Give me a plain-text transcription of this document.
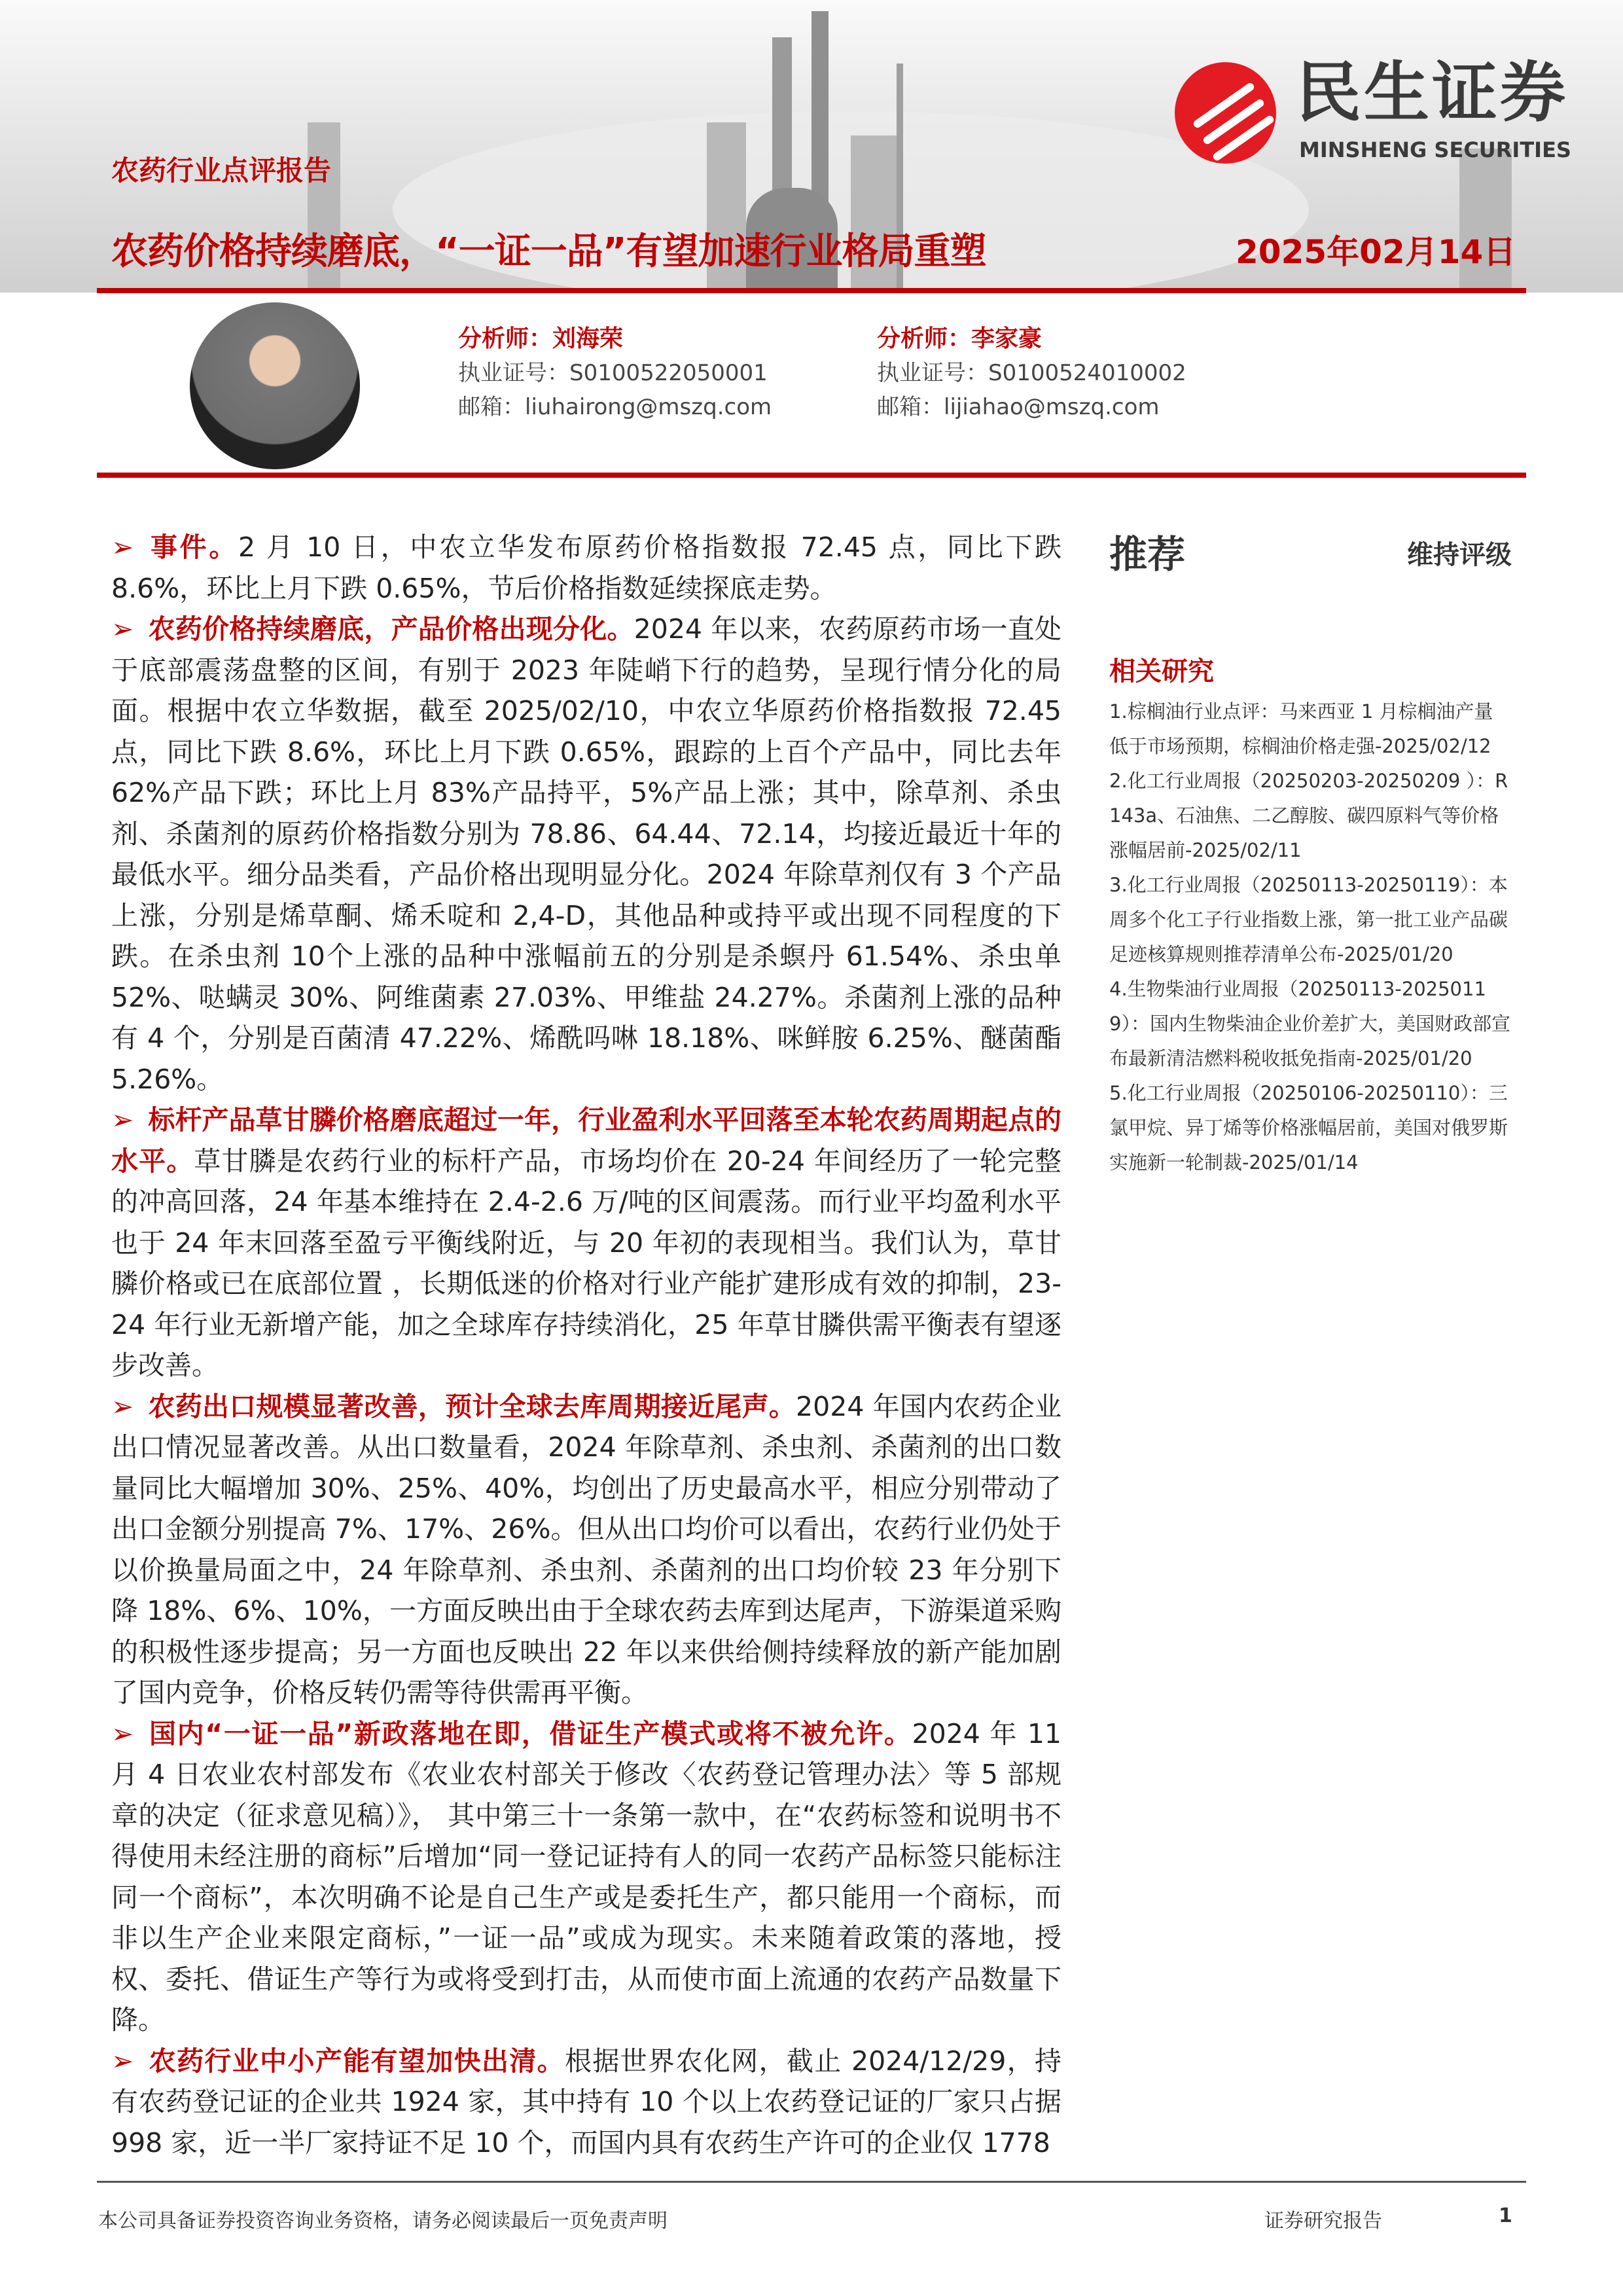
农药行业点评报告
农药价格持续磨底，“一证一品”有望加速行业格局重塑	2025年02月14日
民生证券
MINSHENG SECURITIES
分析师：刘海荣
执业证号：S0100522050001
邮箱：liuhairong@mszq.com
分析师：李家豪
执业证号：S0100524010002
邮箱：lijiahao@mszq.com

➢ 事件。2 月 10 日，中农立华发布原药价格指数报 72.45 点，同比下跌 8.6%，环比上月下跌 0.65%，节后价格指数延续探底走势。

➢ 农药价格持续磨底，产品价格出现分化。2024 年以来，农药原药市场一直处于底部震荡盘整的区间，有别于 2023 年陡峭下行的趋势，呈现行情分化的局面。根据中农立华数据，截至 2025/02/10，中农立华原药价格指数报 72.45 点，同比下跌 8.6%，环比上月下跌 0.65%，跟踪的上百个产品中，同比去年 62%产品下跌；环比上月 83%产品持平，5%产品上涨；其中，除草剂、杀虫剂、杀菌剂的原药价格指数分别为 78.86、64.44、72.14，均接近最近十年的最低水平。细分品类看，产品价格出现明显分化。2024 年除草剂仅有 3 个产品上涨，分别是烯草酮、烯禾啶和 2,4-D，其他品种或持平或出现不同程度的下跌。在杀虫剂 10个上涨的品种中涨幅前五的分别是杀螟丹 61.54%、杀虫单 52%、哒螨灵 30%、阿维菌素 27.03%、甲维盐 24.27%。杀菌剂上涨的品种有 4 个，分别是百菌清 47.22%、烯酰吗啉 18.18%、咪鲜胺 6.25%、醚菌酯 5.26%。

➢ 标杆产品草甘膦价格磨底超过一年，行业盈利水平回落至本轮农药周期起点的水平。草甘膦是农药行业的标杆产品，市场均价在 20-24 年间经历了一轮完整的冲高回落，24 年基本维持在 2.4-2.6 万/吨的区间震荡。而行业平均盈利水平也于 24 年末回落至盈亏平衡线附近，与 20 年初的表现相当。我们认为，草甘膦价格或已在底部位置 ，长期低迷的价格对行业产能扩建形成有效的抑制，23-24 年行业无新增产能，加之全球库存持续消化，25 年草甘膦供需平衡表有望逐步改善。

➢ 农药出口规模显著改善，预计全球去库周期接近尾声。2024 年国内农药企业出口情况显著改善。从出口数量看，2024 年除草剂、杀虫剂、杀菌剂的出口数量同比大幅增加 30%、25%、40%，均创出了历史最高水平，相应分别带动了出口金额分别提高 7%、17%、26%。但从出口均价可以看出，农药行业仍处于以价换量局面之中，24 年除草剂、杀虫剂、杀菌剂的出口均价较 23 年分别下降 18%、6%、10%，一方面反映出由于全球农药去库到达尾声，下游渠道采购的积极性逐步提高；另一方面也反映出 22 年以来供给侧持续释放的新产能加剧了国内竞争，价格反转仍需等待供需再平衡。

➢ 国内“一证一品”新政落地在即，借证生产模式或将不被允许。2024 年 11 月 4 日农业农村部发布《农业农村部关于修改〈农药登记管理办法〉等 5 部规章的决定（征求意见稿）》， 其中第三十一条第一款中，在“农药标签和说明书不得使用未经注册的商标”后增加“同一登记证持有人的同一农药产品标签只能标注同一个商标”，本次明确不论是自己生产或是委托生产，都只能用一个商标，而非以生产企业来限定商标，”一证一品”或成为现实。未来随着政策的落地，授权、委托、借证生产等行为或将受到打击，从而使市面上流通的农药产品数量下降。

➢ 农药行业中小产能有望加快出清。根据世界农化网，截止 2024/12/29，持有农药登记证的企业共 1924 家，其中持有 10 个以上农药登记证的厂家只占据 998 家，近一半厂家持证不足 10 个，而国内具有农药生产许可的企业仅 1778

推荐	维持评级
相关研究
1.棕榈油行业点评：马来西亚 1 月棕榈油产量低于市场预期，棕榈油价格走强-2025/02/12
2.化工行业周报（20250203-20250209 ）：R143a、石油焦、二乙醇胺、碳四原料气等价格涨幅居前-2025/02/11
3.化工行业周报（20250113-20250119）：本周多个化工子行业指数上涨，第一批工业产品碳足迹核算规则推荐清单公布-2025/01/20
4.生物柴油行业周报（20250113-20250119）：国内生物柴油企业价差扩大，美国财政部宣布最新清洁燃料税收抵免指南-2025/01/20
5.化工行业周报（20250106-20250110）：三氯甲烷、异丁烯等价格涨幅居前，美国对俄罗斯实施新一轮制裁-2025/01/14
本公司具备证券投资咨询业务资格，请务必阅读最后一页免责声明	证券研究报告	1
